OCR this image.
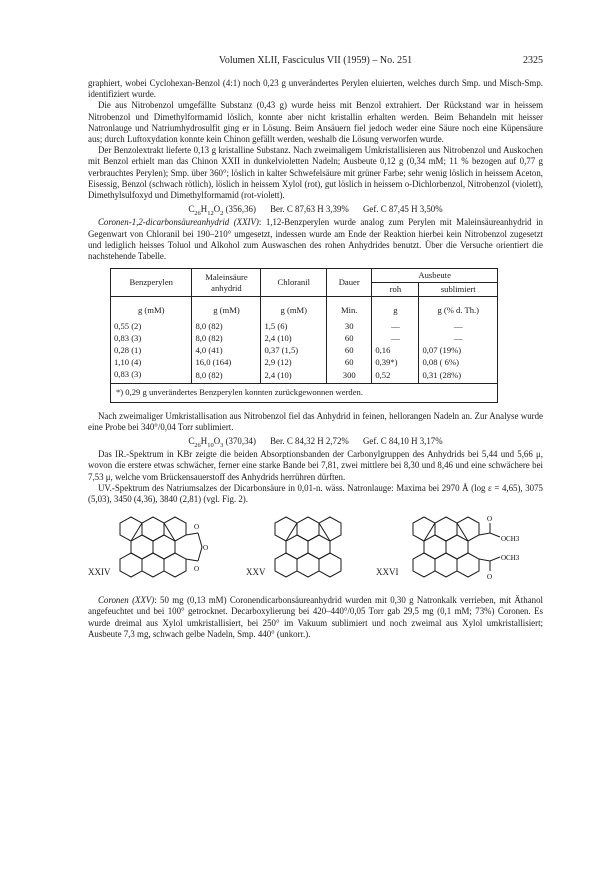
Volumen XLII, Fasciculus VII (1959) – No. 251	2325

graphiert, wobei Cyclohexan-Benzol (4:1) noch 0,23 g unverändertes Perylen eluierten, welches durch Smp. und Misch-Smp. identifiziert wurde.

Die aus Nitrobenzol umgefällte Substanz (0,43 g) wurde heiss mit Benzol extrahiert. Der Rückstand war in heissem Nitrobenzol und Dimethylformamid löslich, konnte aber nicht kristallin erhalten werden. Beim Behandeln mit heisser Natronlauge und Natriumhydrosulfit ging er in Lösung. Beim Ansäuern fiel jedoch weder eine Säure noch eine Küpensäure aus; durch Luftoxydation konnte kein Chinon gefällt werden, weshalb die Lösung verworfen wurde.

Der Benzolextrakt lieferte 0,13 g kristalline Substanz. Nach zweimaligem Umkristallisieren aus Nitrobenzol und Auskochen mit Benzol erhielt man das Chinon XXII in dunkelvioletten Nadeln; Ausbeute 0,12 g (0,34 mM; 11 % bezogen auf 0,77 g verbrauchtes Perylen); Smp. über 360°; löslich in kalter Schwefelsäure mit grüner Farbe; sehr wenig löslich in heissem Aceton, Eisessig, Benzol (schwach rötlich), löslich in heissem Xylol (rot), gut löslich in heissem o-Dichlorbenzol, Nitrobenzol (violett), Dimethylsulfoxyd und Dimethylformamid (rot-violett).

$C_{26}H_{12}O_2$ (356,36) Ber. C 87,63 H 3,39% Gef. C 87,45 H 3,50%

Coronen-1,2-dicarbonsäureanhydrid (XXIV): 1,12-Benzperylen wurde analog zum Perylen mit Maleinsäureanhydrid in Gegenwart von Chloranil bei 190–210° umgesetzt, indessen wurde am Ende der Reaktion hierbei kein Nitrobenzol zugesetzt und lediglich heisses Toluol und Alkohol zum Auswaschen des rohen Anhydrides benutzt. Über die Versuche orientiert die nachstehende Tabelle.

Benzperylen	Maleinsäure anhydrid	Chloranil	Dauer	Ausbeute	
				roh	sublimiert
g (mM)	g (mM)	g (mM)	Min.	g	g (% d. Th.)
0,55 (2)	8,0 (82)	1,5 (6)	30	—	—
0,83 (3)	8,0 (82)	2,4 (10)	60	—	—
0,28 (1)	4,0 (41)	0,37 (1,5)	60	0,16	0,07 (19%)
1,10 (4)	16,0 (164)	2,9 (12)	60	0,39*)	0,08 ( 6%)
0,83 (3)	8,0 (82)	2,4 (10)	300	0,52	0,31 (28%)
*) 0,29 g unverändertes Benzperylen konnten zurückgewonnen werden.					

Nach zweimaliger Umkristallisation aus Nitrobenzol fiel das Anhydrid in feinen, hellorangen Nadeln an. Zur Analyse wurde eine Probe bei 340°/0,04 Torr sublimiert.

$C_{26}H_{10}O_3$ (370,34) Ber. C 84,32 H 2,72% Gef. C 84,10 H 3,17%

Das IR.-Spektrum in KBr zeigte die beiden Absorptionsbanden der Carbonylgruppen des Anhydrids bei 5,44 und 5,66 μ, wovon die erstere etwas schwächer, ferner eine starke Bande bei 7,81, zwei mittlere bei 8,30 und 8,46 und eine schwächere bei 7,53 μ, welche vom Brückensauerstoff des Anhydrids herrühren dürften.

UV.-Spektrum des Natriumsalzes der Dicarbonsäure in 0,01-n. wäss. Natronlauge: Maxima bei 2970 Å (log ε = 4,65), 3075 (5,03), 3450 (4,36), 3840 (2,81) (vgl. Fig. 2).

O
O
O
XXIV	XXV
O
OCH3
OCH3
O
XXVI

Coronen (XXV): 50 mg (0,13 mM) Coronendicarbonsäureanhydrid wurden mit 0,30 g Natronkalk verrieben, mit Äthanol angefeuchtet und bei 100° getrocknet. Decarboxylierung bei 420–440°/0,05 Torr gab 29,5 mg (0,1 mM; 73%) Coronen. Es wurde dreimal aus Xylol umkristallisiert, bei 250° im Vakuum sublimiert und noch zweimal aus Xylol umkristallisiert; Ausbeute 7,3 mg, schwach gelbe Nadeln, Smp. 440° (unkorr.).
